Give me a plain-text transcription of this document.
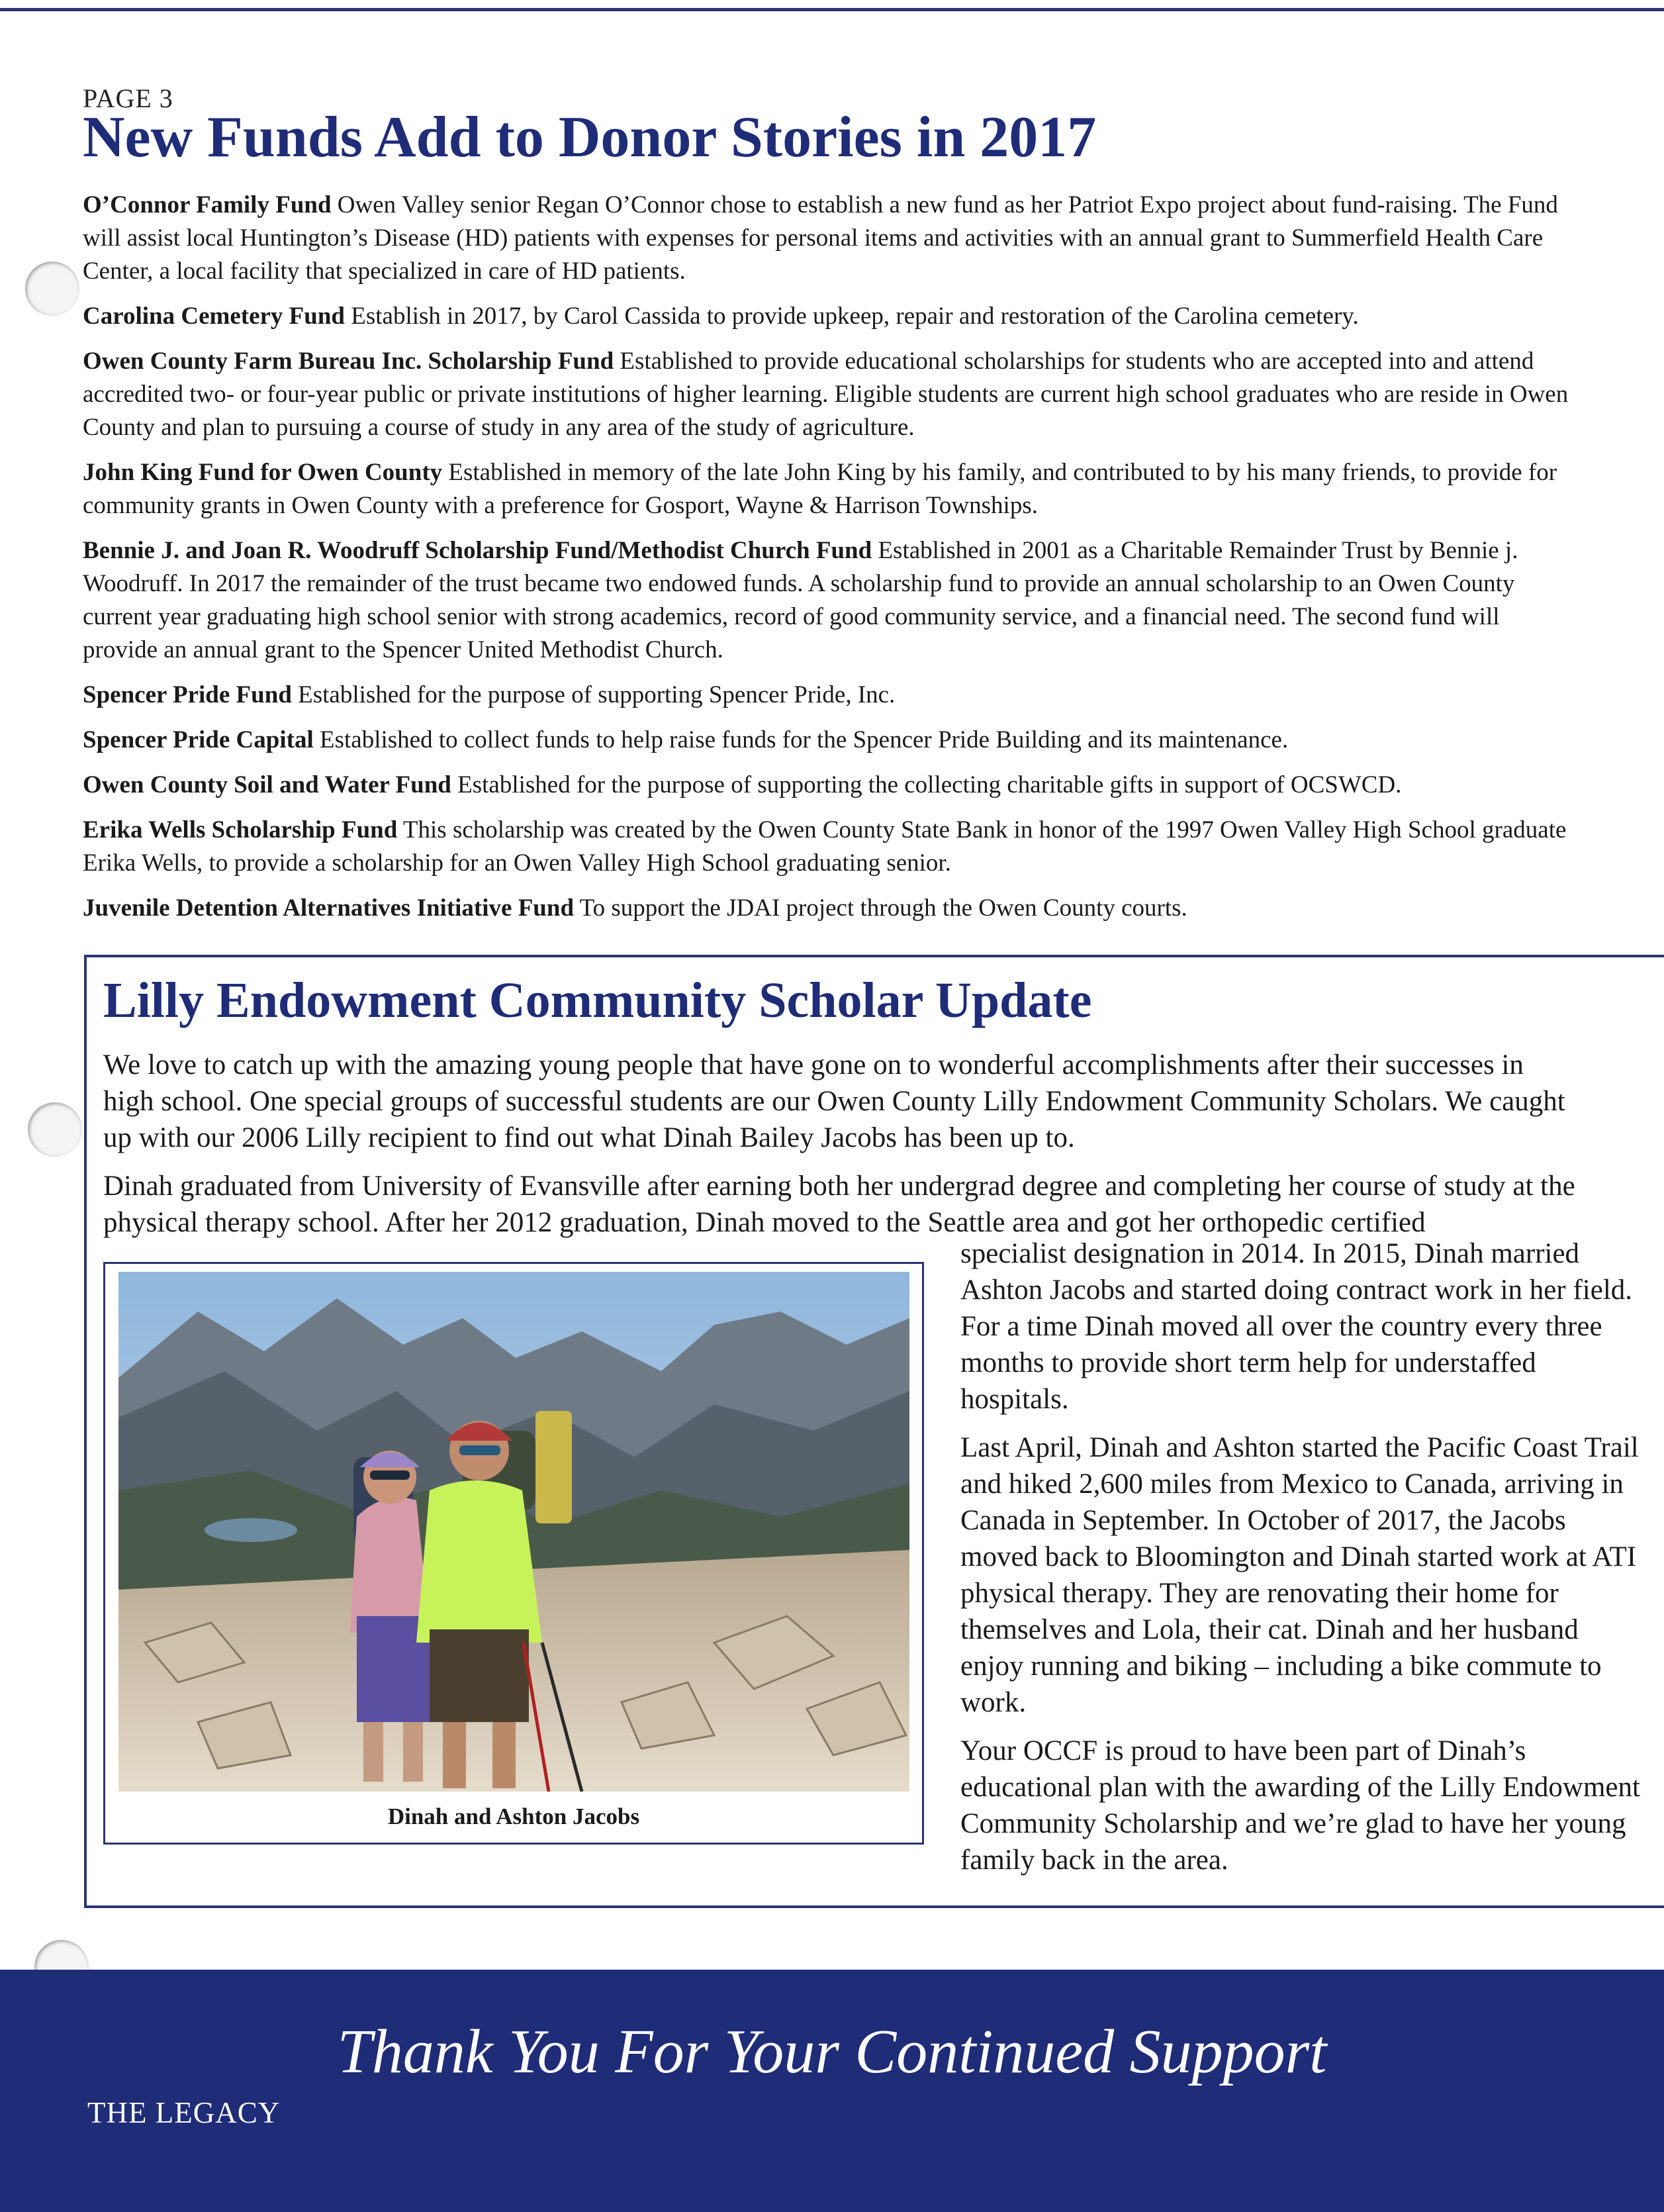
PAGE 3
New Funds Add to Donor Stories in 2017

O’Connor Family Fund Owen Valley senior Regan O’Connor chose to establish a new fund as her Patriot Expo project about fund-raising. The Fund will assist local Huntington’s Disease (HD) patients with expenses for personal items and activities with an annual grant to Summerfield Health Care Center, a local facility that specialized in care of HD patients.

Carolina Cemetery Fund Establish in 2017, by Carol Cassida to provide upkeep, repair and restoration of the Carolina cemetery.

Owen County Farm Bureau Inc. Scholarship Fund Established to provide educational scholarships for students who are accepted into and attend accredited two- or four-year public or private institutions of higher learning. Eligible students are current high school graduates who are reside in Owen County and plan to pursuing a course of study in any area of the study of agriculture.

John King Fund for Owen County Established in memory of the late John King by his family, and contributed to by his many friends, to provide for community grants in Owen County with a preference for Gosport, Wayne & Harrison Townships.

Bennie J. and Joan R. Woodruff Scholarship Fund/Methodist Church Fund Established in 2001 as a Charitable Remainder Trust by Bennie j. Woodruff. In 2017 the remainder of the trust became two endowed funds. A scholarship fund to provide an annual scholarship to an Owen County current year graduating high school senior with strong academics, record of good community service, and a financial need. The second fund will provide an annual grant to the Spencer United Methodist Church.

Spencer Pride Fund Established for the purpose of supporting Spencer Pride, Inc.

Spencer Pride Capital Established to collect funds to help raise funds for the Spencer Pride Building and its maintenance.

Owen County Soil and Water Fund Established for the purpose of supporting the collecting charitable gifts in support of OCSWCD.

Erika Wells Scholarship Fund This scholarship was created by the Owen County State Bank in honor of the 1997 Owen Valley High School graduate Erika Wells, to provide a scholarship for an Owen Valley High School graduating senior.

Juvenile Detention Alternatives Initiative Fund To support the JDAI project through the Owen County courts.

Lilly Endowment Community Scholar Update

We love to catch up with the amazing young people that have gone on to wonderful accomplishments after their successes in high school. One special groups of successful students are our Owen County Lilly Endowment Community Scholars. We caught up with our 2006 Lilly recipient to find out what Dinah Bailey Jacobs has been up to.

Dinah graduated from University of Evansville after earning both her undergrad degree and completing her course of study at the physical therapy school. After her 2012 graduation, Dinah moved to the Seattle area and got her orthopedic certified

Dinah and Ashton Jacobs

specialist designation in 2014. In 2015, Dinah married Ashton Jacobs and started doing contract work in her field. For a time Dinah moved all over the country every three months to provide short term help for understaffed hospitals.

Last April, Dinah and Ashton started the Pacific Coast Trail and hiked 2,600 miles from Mexico to Canada, arriving in Canada in September. In October of 2017, the Jacobs moved back to Bloomington and Dinah started work at ATI physical therapy. They are renovating their home for themselves and Lola, their cat. Dinah and her husband enjoy running and biking – including a bike commute to work.

Your OCCF is proud to have been part of Dinah’s educational plan with the awarding of the Lilly Endowment Community Scholarship and we’re glad to have her young family back in the area.

Thank You For Your Continued Support
THE LEGACY
